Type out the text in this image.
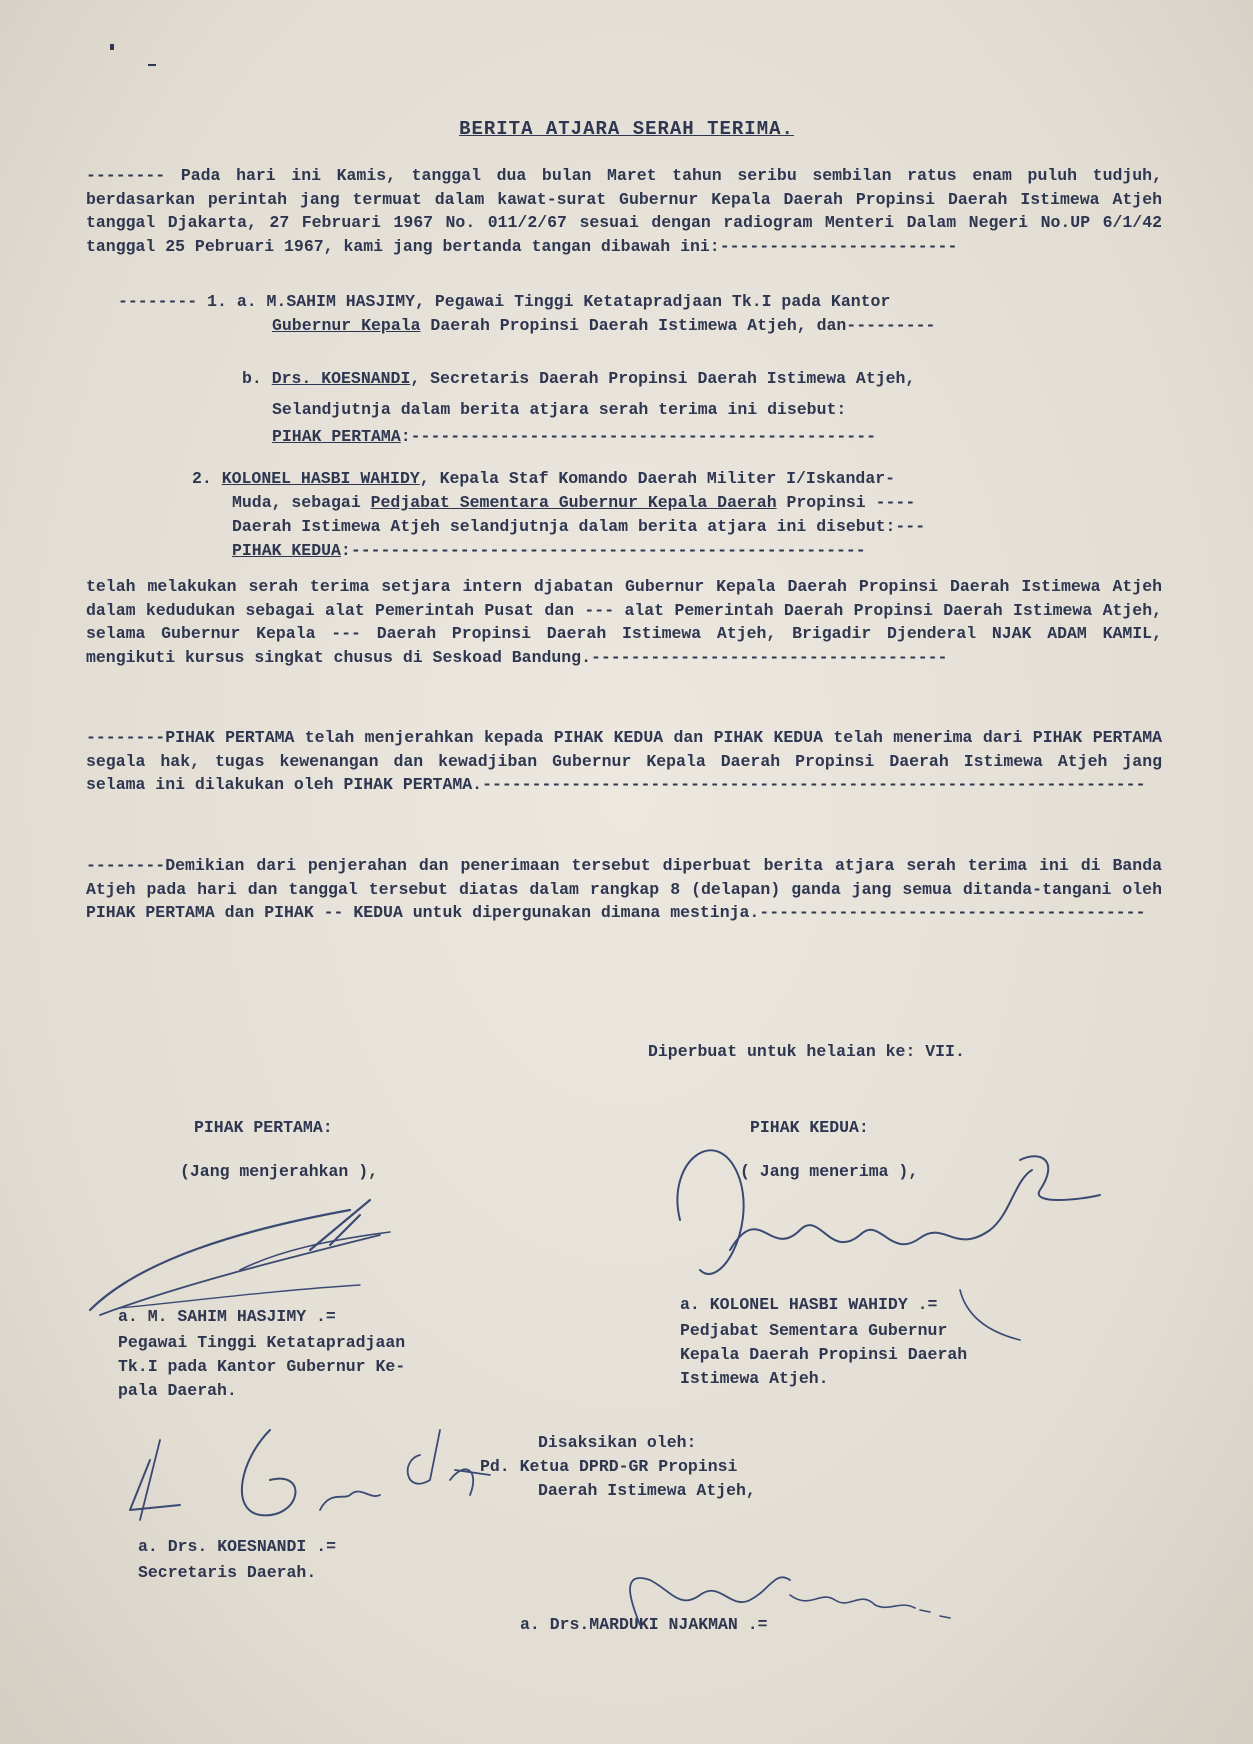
BERITA ATJARA SERAH TERIMA.
-------- Pada hari ini Kamis, tanggal dua bulan Maret tahun seribu sembilan ratus enam puluh tudjuh, berdasarkan perintah jang termuat dalam kawat-surat Gubernur Kepala Daerah Propinsi Daerah Istimewa Atjeh tanggal Djakarta, 27 Februari 1967 No. 011/2/67 sesuai dengan radiogram Menteri Dalam Negeri No.UP 6/1/42 tanggal 25 Pebruari 1967, kami jang bertanda tangan dibawah ini:------------------------
-------- 1. a. M.SAHIM HASJIMY, Pegawai Tinggi Ketatapradjaan Tk.I pada Kantor
Gubernur Kepala Daerah Propinsi Daerah Istimewa Atjeh, dan---------
b. Drs. KOESNANDI, Secretaris Daerah Propinsi Daerah Istimewa Atjeh,
Selandjutnja dalam berita atjara serah terima ini disebut:
PIHAK PERTAMA:-----------------------------------------------
2. KOLONEL HASBI WAHIDY, Kepala Staf Komando Daerah Militer I/Iskandar-
Muda, sebagai Pedjabat Sementara Gubernur Kepala Daerah Propinsi ----
Daerah Istimewa Atjeh selandjutnja dalam berita atjara ini disebut:---
PIHAK KEDUA:----------------------------------------------------
telah melakukan serah terima setjara intern djabatan Gubernur Kepala Daerah Propinsi Daerah Istimewa Atjeh dalam kedudukan sebagai alat Pemerintah Pusat dan --- alat Pemerintah Daerah Propinsi Daerah Istimewa Atjeh, selama Gubernur Kepala --- Daerah Propinsi Daerah Istimewa Atjeh, Brigadir Djenderal NJAK ADAM KAMIL, mengikuti kursus singkat chusus di Seskoad Bandung.------------------------------------
--------PIHAK PERTAMA telah menjerahkan kepada PIHAK KEDUA dan PIHAK KEDUA telah menerima dari PIHAK PERTAMA segala hak, tugas kewenangan dan kewadjiban Gubernur Kepala Daerah Propinsi Daerah Istimewa Atjeh jang selama ini dilakukan oleh PIHAK PERTAMA.-------------------------------------------------------------------
--------Demikian dari penjerahan dan penerimaan tersebut diperbuat berita atjara serah terima ini di Banda Atjeh pada hari dan tanggal tersebut diatas dalam rangkap 8 (delapan) ganda jang semua ditanda-tangani oleh PIHAK PERTAMA dan PIHAK -- KEDUA untuk dipergunakan dimana mestinja.---------------------------------------
Diperbuat untuk helaian ke: VII.
PIHAK PERTAMA:
(Jang menjerahkan ),
a. M. SAHIM HASJIMY .=
Pegawai Tinggi Ketatapradjaan
Tk.I pada Kantor Gubernur Ke-
pala Daerah.
PIHAK KEDUA:
( Jang menerima ),
a. KOLONEL HASBI WAHIDY .=
Pedjabat Sementara Gubernur
Kepala Daerah Propinsi Daerah
Istimewa Atjeh.
Disaksikan oleh:
Pd. Ketua DPRD-GR Propinsi
Daerah Istimewa Atjeh,
a. Drs. KOESNANDI .=
Secretaris Daerah.
a. Drs.MARDUKI NJAKMAN .=
